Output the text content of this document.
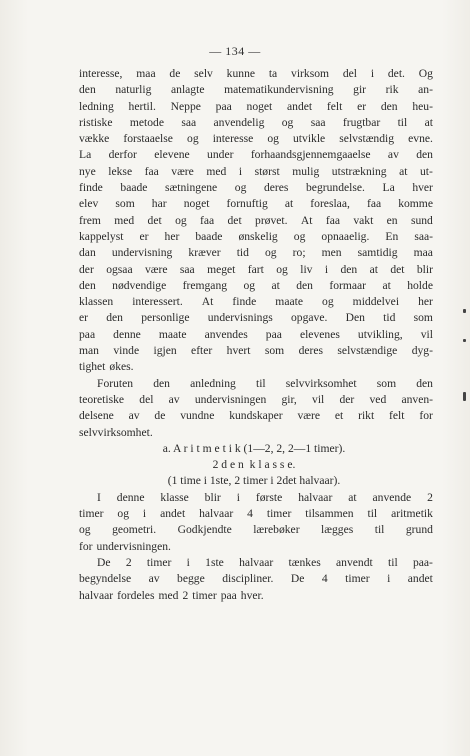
— 134 —
interesse, maa de selv kunne ta virksom del i det. Og
den naturlig anlagte matematikundervisning gir rik an-
ledning hertil. Neppe paa noget andet felt er den heu-
ristiske metode saa anvendelig og saa frugtbar til at
vække forstaaelse og interesse og utvikle selvstændig evne.
La derfor elevene under forhaandsgjennemgaaelse av den
nye lekse faa være med i størst mulig utstrækning at ut-
finde baade sætningene og deres begrundelse. La hver
elev som har noget fornuftig at foreslaa, faa komme
frem med det og faa det prøvet. At faa vakt en sund
kappelyst er her baade ønskelig og opnaaelig. En saa-
dan undervisning kræver tid og ro; men samtidig maa
der ogsaa være saa meget fart og liv i den at det blir
den nødvendige fremgang og at den formaar at holde
klassen interessert. At finde maate og middelvei her
er den personlige undervisnings opgave. Den tid som
paa denne maate anvendes paa elevenes utvikling, vil
man vinde igjen efter hvert som deres selvstændige dyg-
tighet økes.
Foruten den anledning til selvvirksomhet som den
teoretiske del av undervisningen gir, vil der ved anven-
delsene av de vundne kundskaper være et rikt felt for
selvvirksomhet.
a. A r i t m e t i k (1—2, 2, 2—1 timer).
2 d e n  k l a s s e.
(1 time i 1ste, 2 timer i 2det halvaar).
I denne klasse blir i første halvaar at anvende 2
timer og i andet halvaar 4 timer tilsammen til aritmetik
og geometri. Godkjendte lærebøker lægges til grund
for undervisningen.
De 2 timer i 1ste halvaar tænkes anvendt til paa-
begyndelse av begge discipliner. De 4 timer i andet
halvaar fordeles med 2 timer paa hver.
